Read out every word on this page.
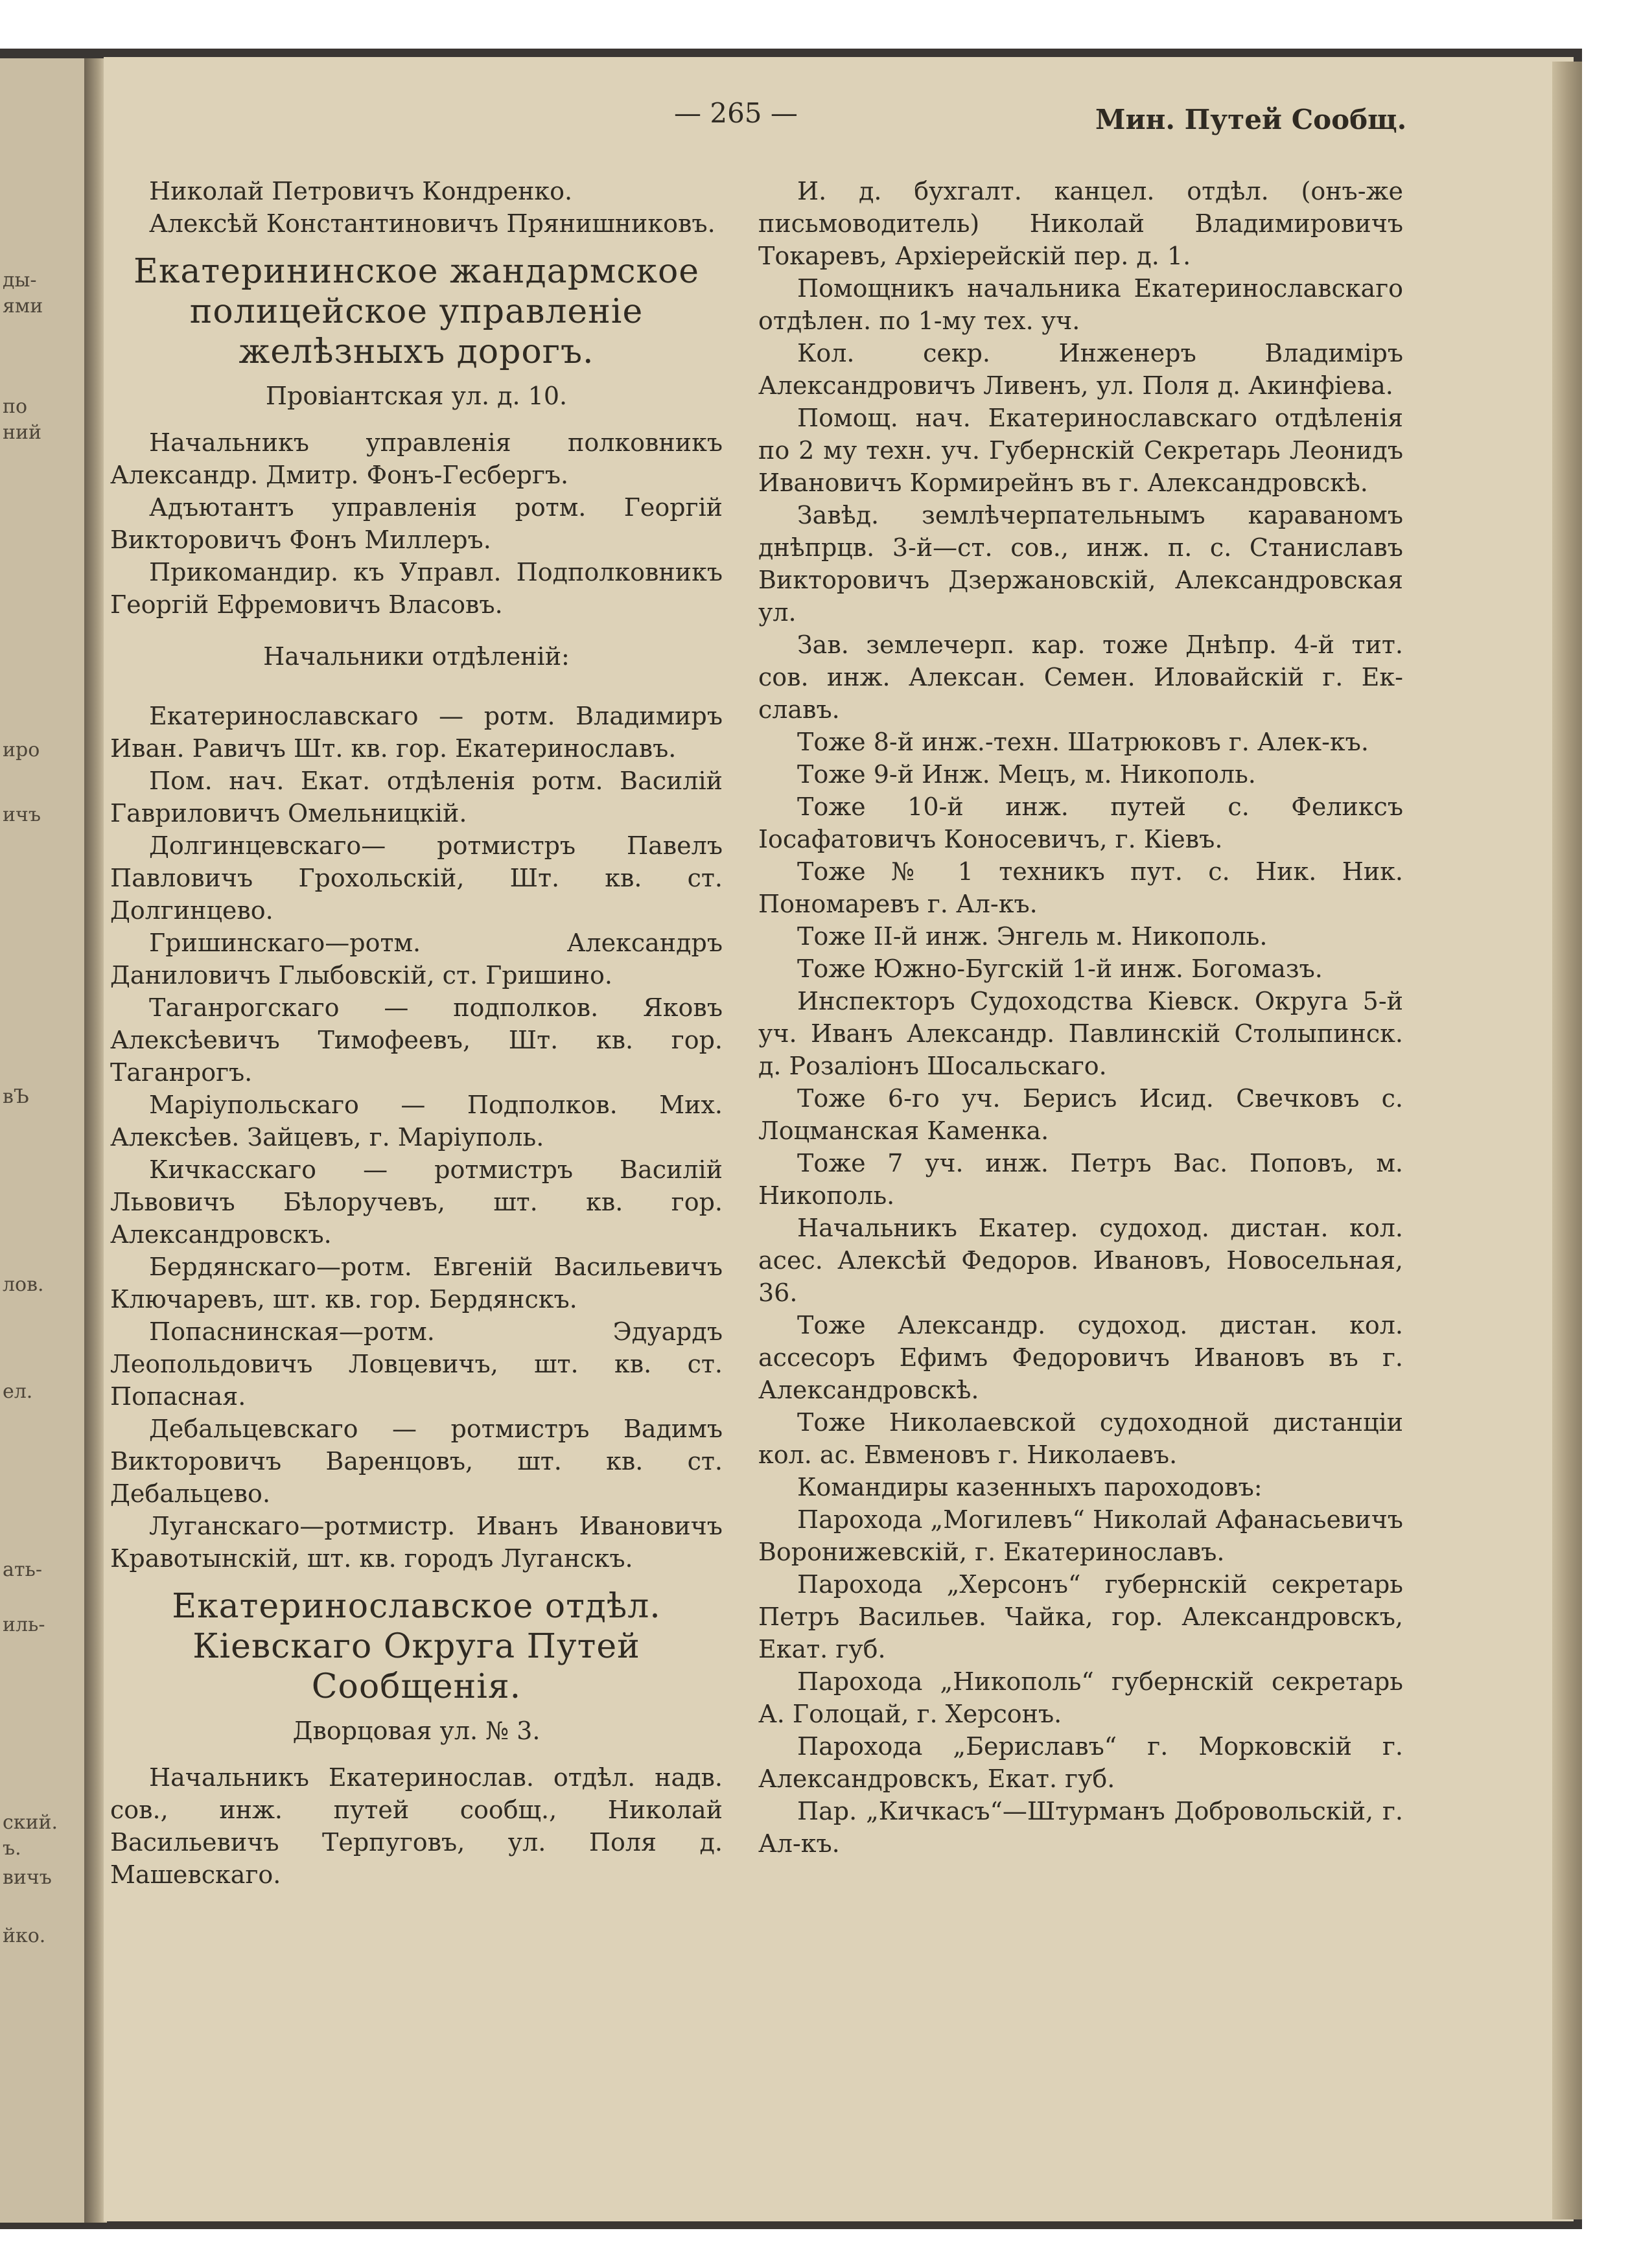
ды-
ями
по
ний
иро
ичъ
вЪ
лов.
ел.
ать-
иль-
ский.
ъ.
вичъ
йко.
— 265 —	Мин. Путей Сообщ.

Николай Петровичъ Кондренко.

Алексѣй Константиновичъ Прянишниковъ.

Екатерининское жандармское полицейское управленіе желѣзныхъ дорогъ.
Провіантская ул. д. 10.

Начальникъ управленія полковникъ Александр. Дмитр. Фонъ-Гесбергъ.

Адъютантъ управленія ротм. Георгій Викторовичъ Фонъ Миллеръ.

Прикомандир. къ Управл. Подполковникъ Георгій Ефремовичъ Власовъ.

Начальники отдѣленій:

Екатеринославскаго — ротм. Владимиръ Иван. Равичъ Шт. кв. гор. Екатеринославъ.

Пом. нач. Екат. отдѣленія ротм. Василій Гавриловичъ Омельницкій.

Долгинцевскаго— ротмистръ Павелъ Павловичъ Грохольскій, Шт. кв. ст. Долгинцево.

Гришинскаго—ротм. Александръ Даниловичъ Глыбовскій, ст. Гришино.

Таганрогскаго — подполков. Яковъ Алексѣевичъ Тимофеевъ, Шт. кв. гор. Таганрогъ.

Маріупольскаго — Подполков. Мих. Алексѣев. Зайцевъ, г. Маріуполь.

Кичкасскаго — ротмистръ Василій Львовичъ Бѣлоручевъ, шт. кв. гор. Александровскъ.

Бердянскаго—ротм. Евгеній Васильевичъ Ключаревъ, шт. кв. гор. Бердянскъ.

Попаснинская—ротм. Эдуардъ Леопольдовичъ Ловцевичъ, шт. кв. ст. Попасная.

Дебальцевскаго — ротмистръ Вадимъ Викторовичъ Варенцовъ, шт. кв. ст. Дебальцево.

Луганскаго—ротмистр. Иванъ Ивановичъ Кравотынскій, шт. кв. городъ Луганскъ.

Екатеринославское отдѣл. Кіевскаго Округа Путей Сообщенія.
Дворцовая ул. № 3.

Начальникъ Екатеринослав. отдѣл. надв. сов., инж. путей сообщ., Николай Васильевичъ Терпуговъ, ул. Поля д. Машевскаго.

И. д. бухгалт. канцел. отдѣл. (онъ-же письмоводитель) Николай Владимировичъ Токаревъ, Архіерейскій пер. д. 1.

Помощникъ начальника Екатеринославскаго отдѣлен. по 1-му тех. уч.

Кол. секр. Инженеръ Владиміръ Александровичъ Ливенъ, ул. Поля д. Акинфіева.

Помощ. нач. Екатеринославскаго отдѣленія по 2 му техн. уч. Губернскій Секретарь Леонидъ Ивановичъ Кормирейнъ въ г. Александровскѣ.

Завѣд. землѣчерпательнымъ караваномъ днѣпрцв. 3-й—ст. сов., инж. п. с. Станиславъ Викторовичъ Дзержановскій, Александровская ул.

Зав. землечерп. кар. тоже Днѣпр. 4-й тит. сов. инж. Алексан. Семен. Иловайскій г. Ек-славъ.

Тоже 8-й инж.-техн. Шатрюковъ г. Алек-къ.

Тоже 9-й Инж. Мецъ, м. Никополь.

Тоже 10-й инж. путей с. Феликсъ Іосафатовичъ Коносевичъ, г. Кіевъ.

Тоже № 1 техникъ пут. с. Ник. Ник. Пономаревъ г. Ал-къ.

Тоже II-й инж. Энгель м. Никополь.

Тоже Южно-Бугскій 1-й инж. Богомазъ.

Инспекторъ Судоходства Кіевск. Округа 5-й уч. Иванъ Александр. Павлинскій Столыпинск. д. Розаліонъ Шосальскаго.

Тоже 6-го уч. Берисъ Исид. Свечковъ с. Лоцманская Каменка.

Тоже 7 уч. инж. Петръ Вас. Поповъ, м. Никополь.

Начальникъ Екатер. судоход. дистан. кол. асес. Алексѣй Федоров. Ивановъ, Новосельная, 36.

Тоже Александр. судоход. дистан. кол. ассесоръ Ефимъ Федоровичъ Ивановъ въ г. Александровскѣ.

Тоже Николаевской судоходной дистанціи кол. ас. Евменовъ г. Николаевъ.

Командиры казенныхъ пароходовъ:

Парохода „Могилевъ“ Николай Афанасьевичъ Воронижевскій, г. Екатеринославъ.

Парохода „Херсонъ“ губернскій секретарь Петръ Васильев. Чайка, гор. Александровскъ, Екат. губ.

Парохода „Никополь“ губернскій секретарь А. Голоцай, г. Херсонъ.

Парохода „Бериславъ“ г. Морковскій г. Александровскъ, Екат. губ.

Пар. „Кичкасъ“—Штурманъ Добровольскій, г. Ал-къ.
